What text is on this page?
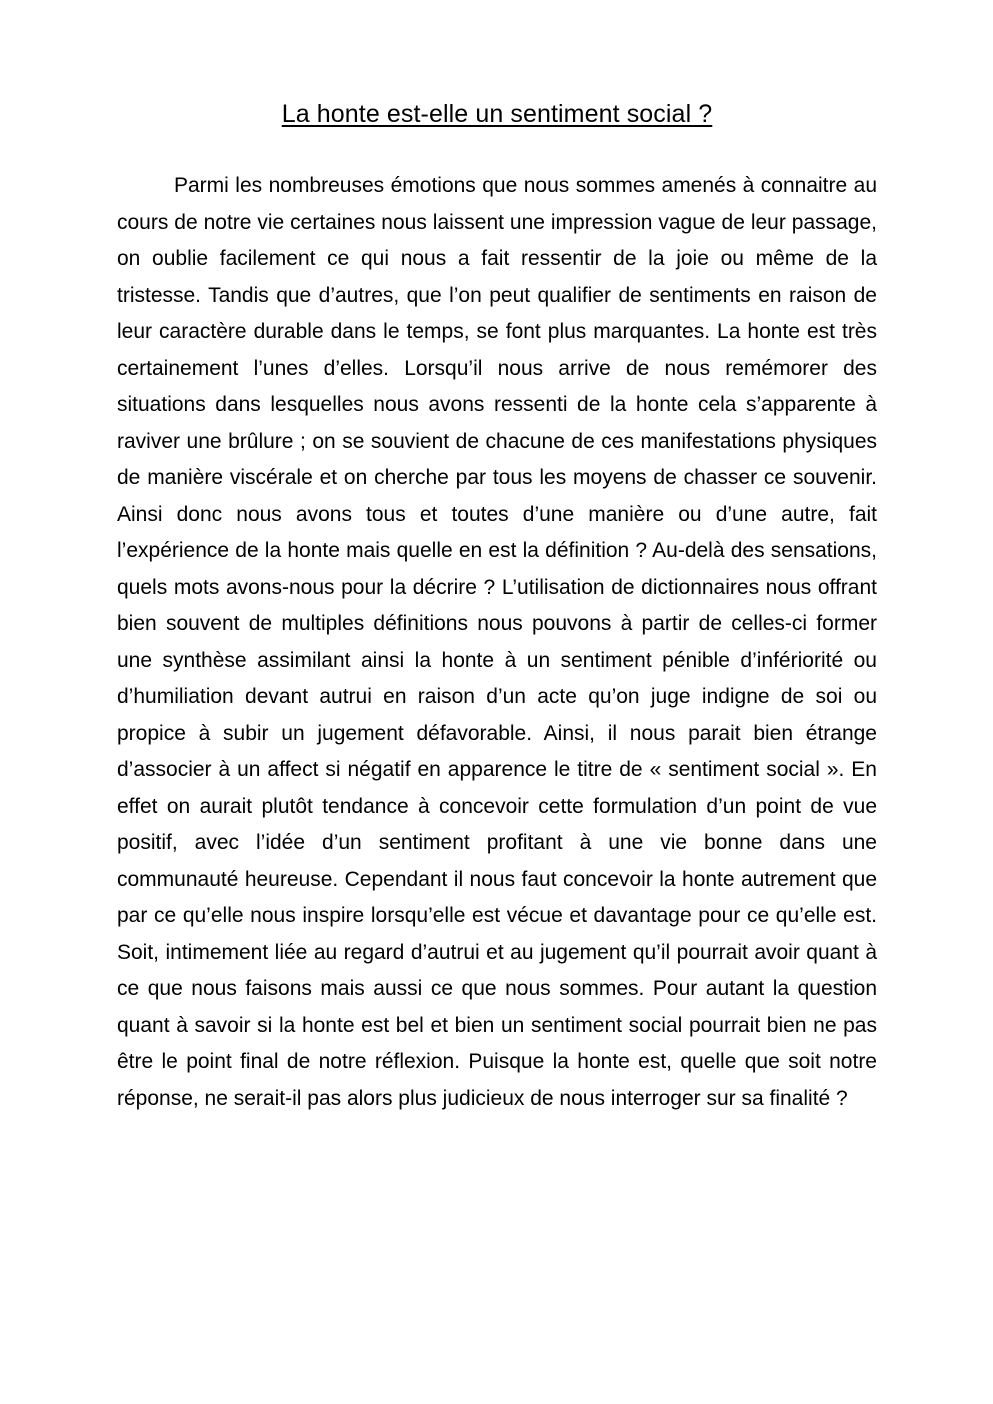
La honte est-elle un sentiment social ?

Parmi les nombreuses émotions que nous sommes amenés à connaitre au cours de notre vie certaines nous laissent une impression vague de leur passage, on oublie facilement ce qui nous a fait ressentir de la joie ou même de la tristesse. Tandis que d’autres, que l’on peut qualifier de sentiments en raison de leur caractère durable dans le temps, se font plus marquantes. La honte est très certainement l’unes d’elles. Lorsqu’il nous arrive de nous remémorer des situations dans lesquelles nous avons ressenti de la honte cela s’apparente à raviver une brûlure ; on se souvient de chacune de ces manifestations physiques de manière viscérale et on cherche par tous les moyens de chasser ce souvenir. Ainsi donc nous avons tous et toutes d’une manière ou d’une autre, fait l’expérience de la honte mais quelle en est la définition ? Au-delà des sensations, quels mots avons-nous pour la décrire ? L’utilisation de dictionnaires nous offrant bien souvent de multiples définitions nous pouvons à partir de celles-ci former une synthèse assimilant ainsi la honte à un sentiment pénible d’infériorité ou d’humiliation devant autrui en raison d’un acte qu’on juge indigne de soi ou propice à subir un jugement défavorable. Ainsi, il nous parait bien étrange d’associer à un affect si négatif en apparence le titre de « sentiment social ». En effet on aurait plutôt tendance à concevoir cette formulation d’un point de vue positif, avec l’idée d’un sentiment profitant à une vie bonne dans une communauté heureuse. Cependant il nous faut concevoir la honte autrement que par ce qu’elle nous inspire lorsqu’elle est vécue et davantage pour ce qu’elle est. Soit, intimement liée au regard d’autrui et au jugement qu’il pourrait avoir quant à ce que nous faisons mais aussi ce que nous sommes. Pour autant la question quant à savoir si la honte est bel et bien un sentiment social pourrait bien ne pas être le point final de notre réflexion. Puisque la honte est, quelle que soit notre réponse, ne serait-il pas alors plus judicieux de nous interroger sur sa finalité ?
